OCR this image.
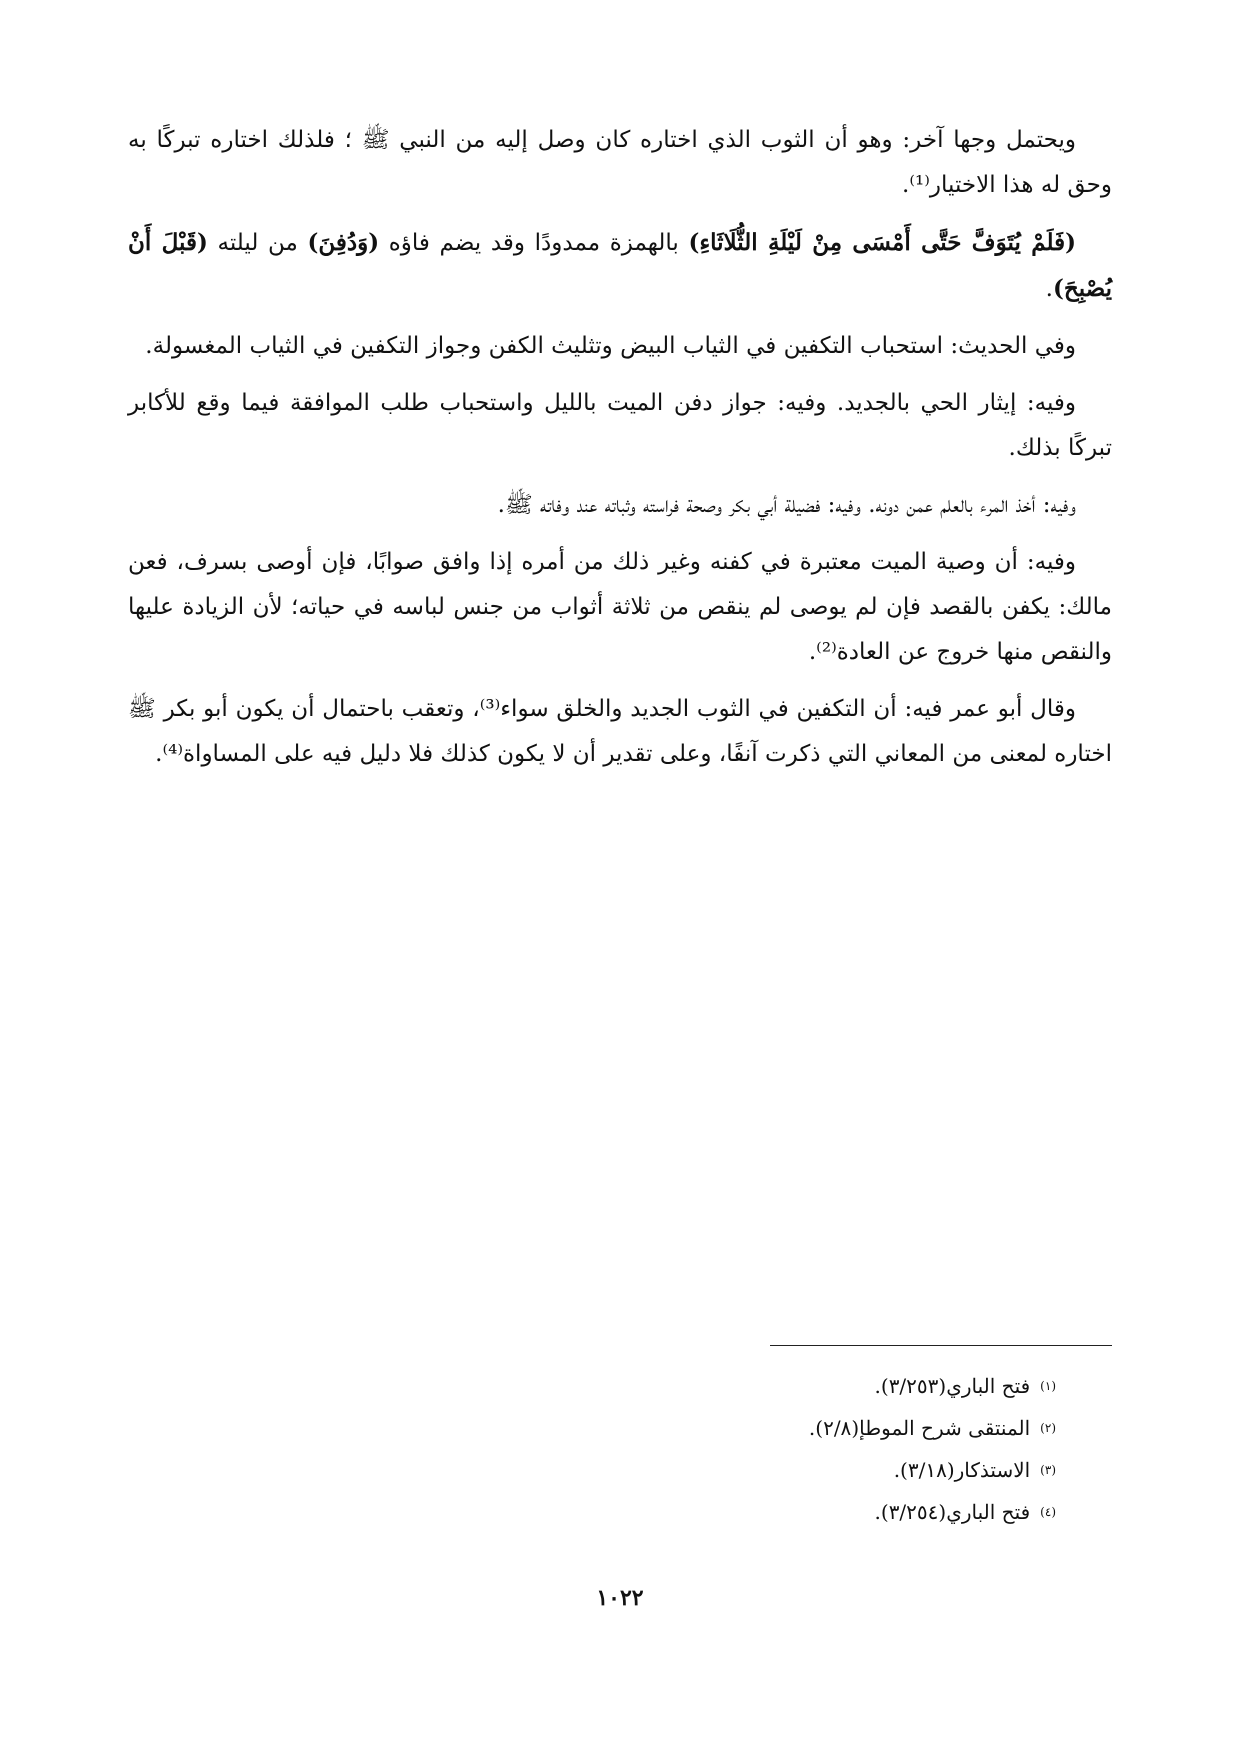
ويحتمل وجها آخر: وهو أن الثوب الذي اختاره كان وصل إليه من النبي ﷺ ؛ فلذلك اختاره تبركًا به وحق له هذا الاختيار⁽¹⁾.

(فَلَمْ يُتَوَفَّ حَتَّى أَمْسَى مِنْ لَيْلَةِ الثُّلَاثَاءِ) بالهمزة ممدودًا وقد يضم فاؤه (وَدُفِنَ) من ليلته (قَبْلَ أَنْ يُصْبِحَ).

وفي الحديث: استحباب التكفين في الثياب البيض وتثليث الكفن وجواز التكفين في الثياب المغسولة.

وفيه: إيثار الحي بالجديد. وفيه: جواز دفن الميت بالليل واستحباب طلب الموافقة فيما وقع للأكابر تبركًا بذلك.

وفيه: أخذ المرء بالعلم عمن دونه. وفيه: فضيلة أبي بكر وصحة فراسته وثباته عند وفاته ﷺ.

وفيه: أن وصية الميت معتبرة في كفنه وغير ذلك من أمره إذا وافق صوابًا، فإن أوصى بسرف، فعن مالك: يكفن بالقصد فإن لم يوصى لم ينقص من ثلاثة أثواب من جنس لباسه في حياته؛ لأن الزيادة عليها والنقص منها خروج عن العادة⁽²⁾.

وقال أبو عمر فيه: أن التكفين في الثوب الجديد والخلق سواء⁽³⁾، وتعقب باحتمال أن يكون أبو بكر ﷺ اختاره لمعنى من المعاني التي ذكرت آنفًا، وعلى تقدير أن لا يكون كذلك فلا دليل فيه على المساواة⁽⁴⁾.

$^{(١)}$فتح الباري(٣/٢٥٣).

$^{(٢)}$المنتقى شرح الموطإ(٢/٨).

$^{(٣)}$الاستذكار(٣/١٨).

$^{(٤)}$فتح الباري(٣/٢٥٤).

١٠٢٢
